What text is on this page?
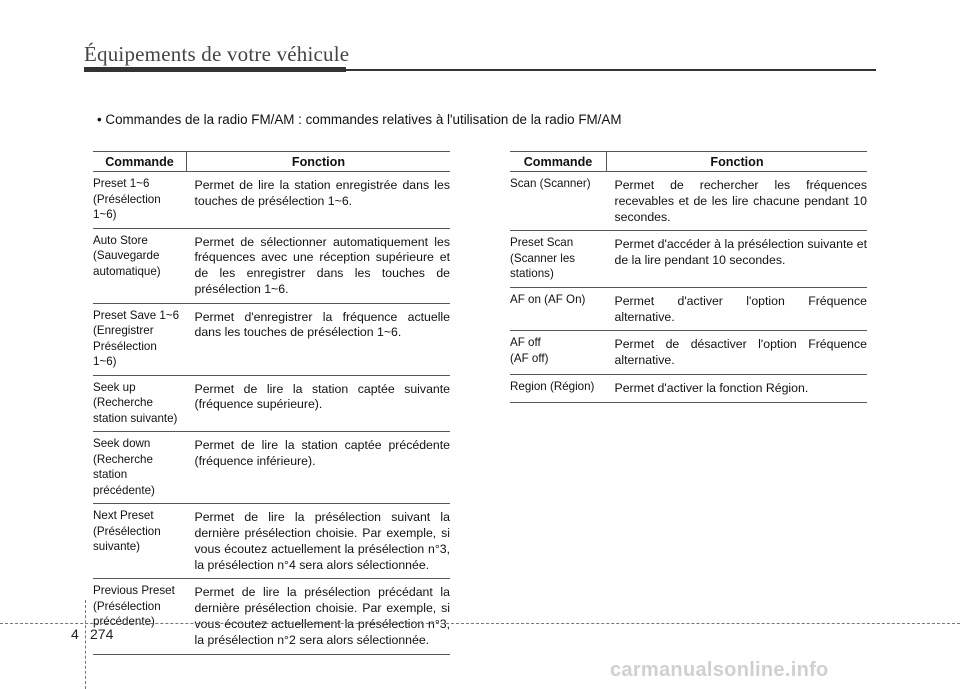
Équipements de votre véhicule
• Commandes de la radio FM/AM : commandes relatives à l'utilisation de la radio FM/AM
Commande	Fonction
Preset 1~6
(Présélection 1~6)	Permet de lire la station enregistrée dans les touches de présélection 1~6.
Auto Store
(Sauvegarde
automatique)	Permet de sélectionner automatiquement les fréquences avec une réception supérieure et de les enregistrer dans les touches de présélection 1~6.
Preset Save 1~6
(Enregistrer
Présélection 1~6)	Permet d'enregistrer la fréquence actuelle dans les touches de présélection 1~6.
Seek up
(Recherche
station suivante)	Permet de lire la station captée suivante (fréquence supérieure).
Seek down
(Recherche station
précédente)	Permet de lire la station captée précédente (fréquence inférieure).
Next Preset
(Présélection
suivante)	Permet de lire la présélection suivant la dernière présélection choisie. Par exemple, si vous écoutez actuellement la présélection n°3, la présélection n°4 sera alors sélectionnée.
Previous Preset
(Présélection
précédente)	Permet de lire la présélection précédant la dernière présélection choisie. Par exemple, si vous écoutez actuellement la présélection n°3, la présélection n°2 sera alors sélectionnée.
Commande	Fonction
Scan (Scanner)	Permet de rechercher les fréquences recevables et de les lire chacune pendant 10 secondes.
Preset Scan
(Scanner les
stations)	Permet d'accéder à la présélection suivante et de la lire pendant 10 secondes.
AF on (AF On)	Permet d'activer l'option Fréquence alternative.
AF off
(AF off)	Permet de désactiver l'option Fréquence alternative.
Region (Région)	Permet d'activer la fonction Région.
4 274
carmanualsonline.info
